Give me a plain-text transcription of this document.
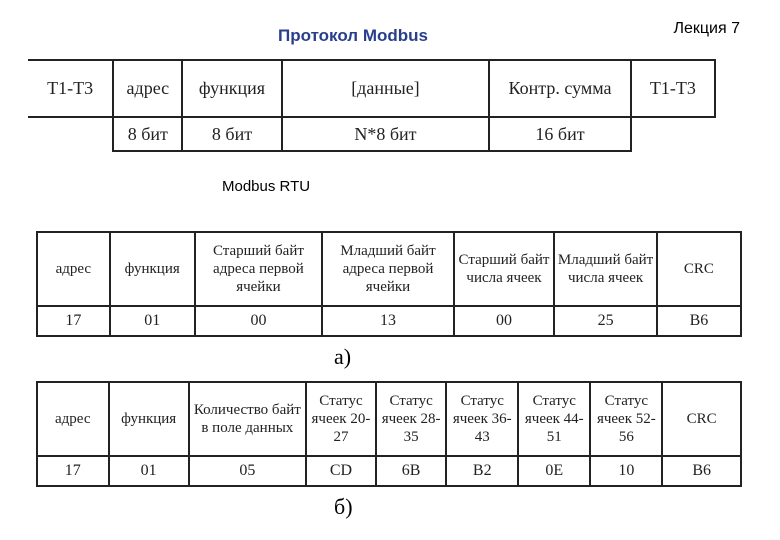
Протокол Modbus	Лекция 7
T1-T3	адрес	функция	[данные]	Контр. сумма	T1-T3
	8 бит	8 бит	N*8 бит	16 бит	
Modbus RTU
адрес	функция	Старший байт адреса первой ячейки	Младший байт адреса первой ячейки	Старший байт числа ячеек	Младший байт числа ячеек	CRC
17	01	00	13	00	25	B6
а)
адрес	функция	Количество байт в поле данных	Статус ячеек 20-27	Статус ячеек 28-35	Статус ячеек 36-43	Статус ячеек 44-51	Статус ячеек 52-56	CRC
17	01	05	CD	6B	B2	0E	10	B6
б)
